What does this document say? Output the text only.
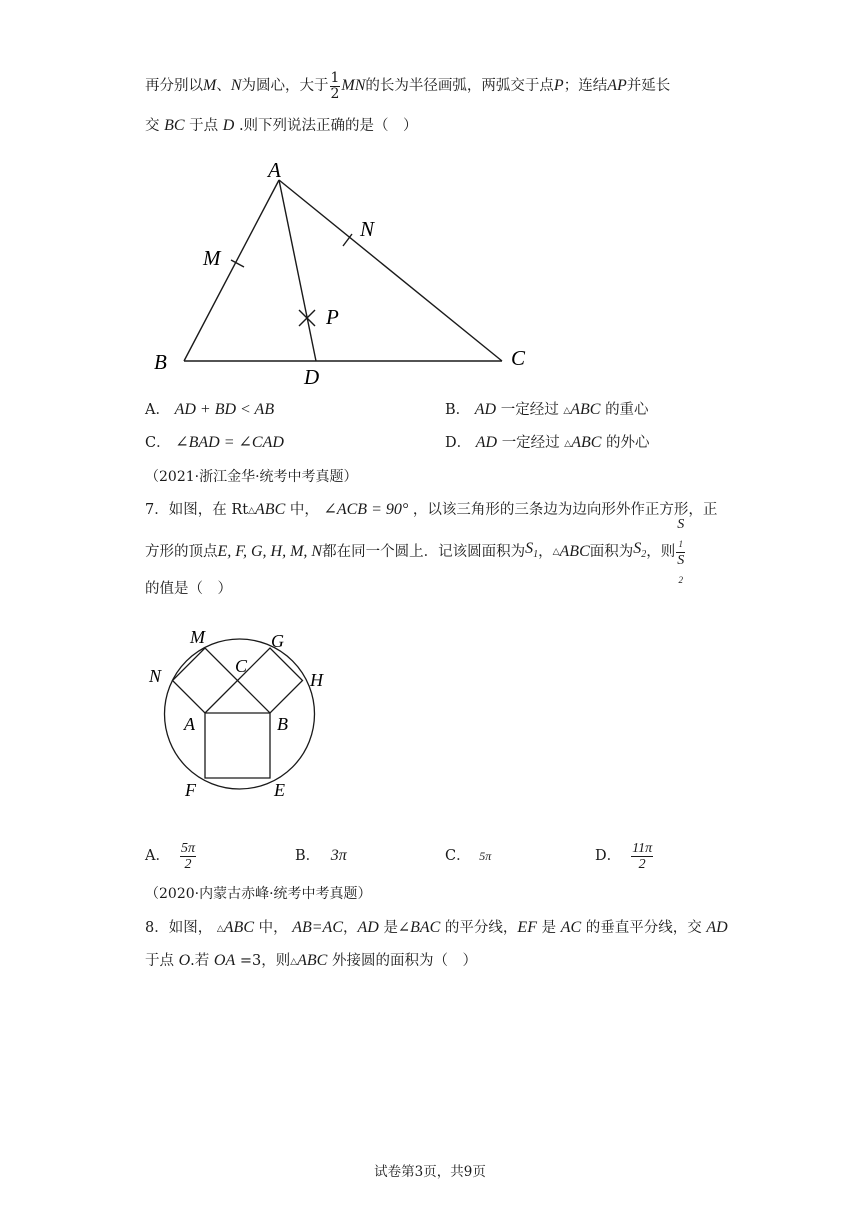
再分别以 M 、 N 为圆心，大于 $\frac{1}{2}$ MN 的长为半径画弧，两弧交于点 P ；连结 AP 并延长
交 BC 于点 D .则下列说法正确的是（　）
A
B	C
D
M
N
P
A． AD + BD < AB	B． AD 一定经过 △ABC 的重心
C． ∠BAD = ∠CAD	D． AD 一定经过 △ABC 的外心
（2021·浙江金华·统考中考真题）
7．如图，在 Rt△ABC 中， ∠ACB = 90° ，以该三角形的三条边为边向形外作正方形，正
方形的顶点 E, F, G, H, M, N 都在同一个圆上．记该圆面积为 $S_1$ ， △ ABC 面积为 $S_2$ ，则 S
$_1$
S
$_2$
的值是（　）
M	G
N	C
H
A	B
F	E
A． $\frac{5\pi}{2}$	B． 3π	C． 5π	D． $\frac{11\pi}{2}$
（2020·内蒙古赤峰·统考中考真题）
8．如图， △ABC 中， AB=AC，AD 是∠BAC 的平分线，EF 是 AC 的垂直平分线，交 AD
于点 O.若 OA =3，则△ABC 外接圆的面积为（　）
试卷第3页，共9页
